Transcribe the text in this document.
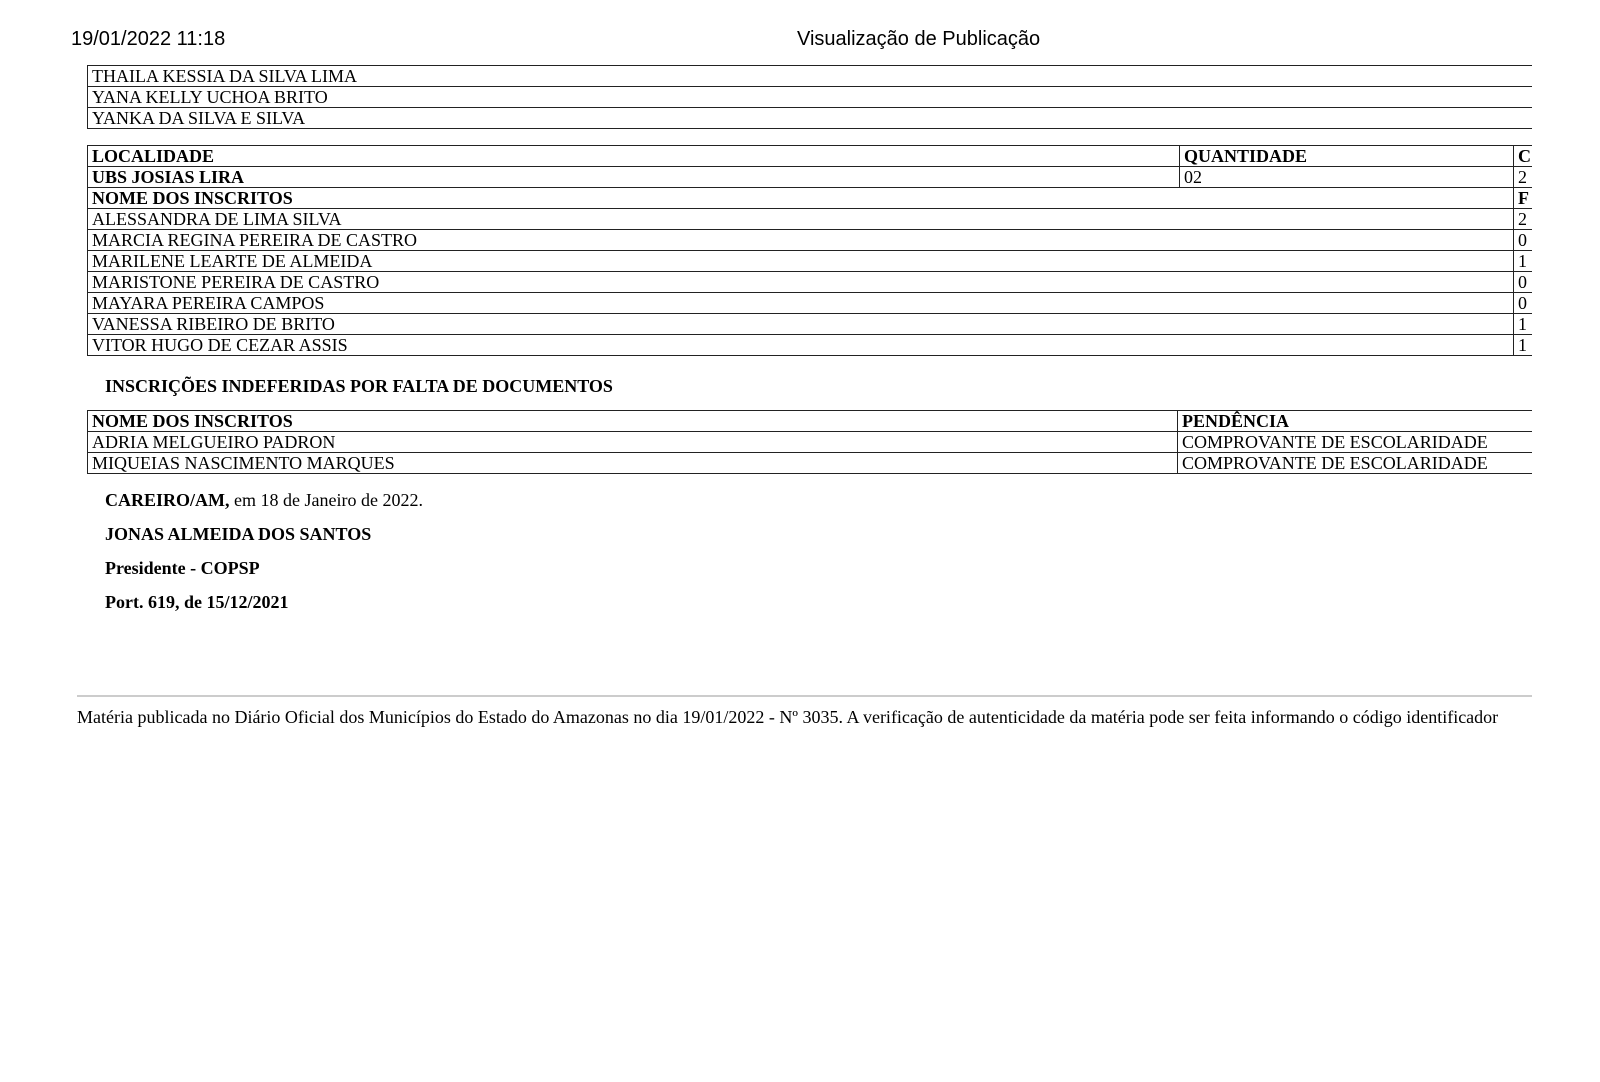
19/01/2022 11:18	Visualização de Publicação
THAILA KESSIA DA SILVA LIMA
YANA KELLY UCHOA BRITO
YANKA DA SILVA E SILVA
LOCALIDADE	QUANTIDADE	C
UBS JOSIAS LIRA	02	2
NOME DOS INSCRITOS		F
ALESSANDRA DE LIMA SILVA		2
MARCIA REGINA PEREIRA DE CASTRO		0
MARILENE LEARTE DE ALMEIDA		1
MARISTONE PEREIRA DE CASTRO		0
MAYARA PEREIRA CAMPOS		0
VANESSA RIBEIRO DE BRITO		1
VITOR HUGO DE CEZAR ASSIS		1
INSCRIÇÕES INDEFERIDAS POR FALTA DE DOCUMENTOS
NOME DOS INSCRITOS	PENDÊNCIA
ADRIA MELGUEIRO PADRON	COMPROVANTE DE ESCOLARIDADE
MIQUEIAS NASCIMENTO MARQUES	COMPROVANTE DE ESCOLARIDADE
CAREIRO/AM, em 18 de Janeiro de 2022.
JONAS ALMEIDA DOS SANTOS
Presidente - COPSP
Port. 619, de 15/12/2021
Matéria publicada no Diário Oficial dos Municípios do Estado do Amazonas no dia 19/01/2022 - Nº 3035. A verificação de autenticidade da matéria pode ser feita informando o código identificador
